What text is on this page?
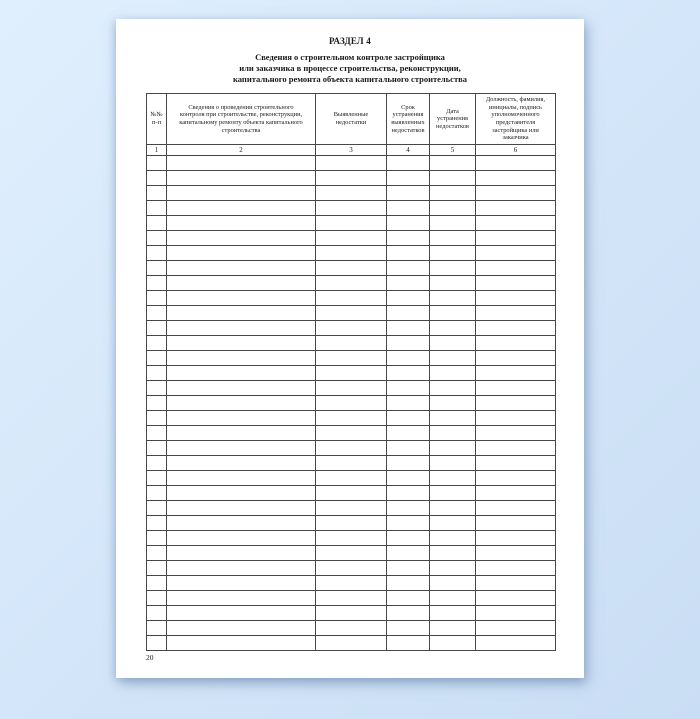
РАЗДЕЛ 4
Сведения о строительном контроле застройщика
или заказчика в процессе строительства, реконструкции,
капитального ремонта объекта капитального строительства
№№ п-п	Сведения о проведении строительного контроля при строительстве, реконструкции, капитальному ремонту объекта капитального строительства	Выявленные недостатки	Срок устранения выявленных недостатков	Дата устранения недостатков	Должность, фамилия, инициалы, подпись уполномоченного представителя застройщика или заказчика
1	2	3	4	5	6

20
